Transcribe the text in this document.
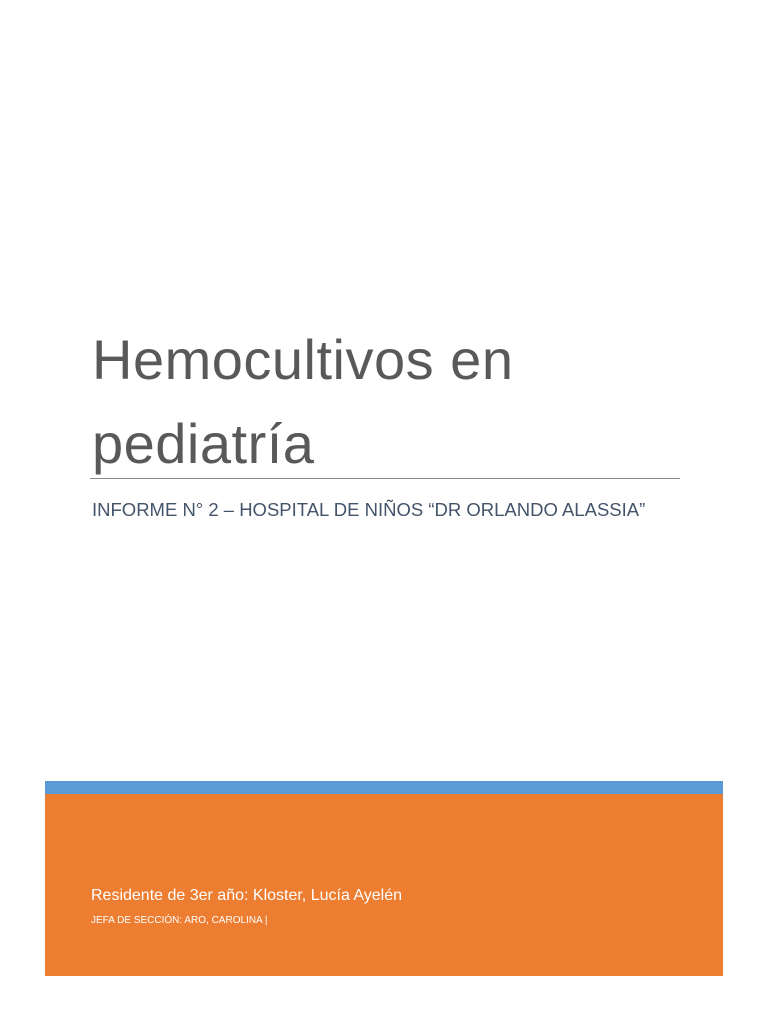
Hemocultivos en
pediatría

INFORME N° 2 – HOSPITAL DE NIÑOS “DR ORLANDO ALASSIA”

Residente de 3er año: Kloster, Lucía Ayelén
JEFA DE SECCIÓN: ARO, CAROLINA |
